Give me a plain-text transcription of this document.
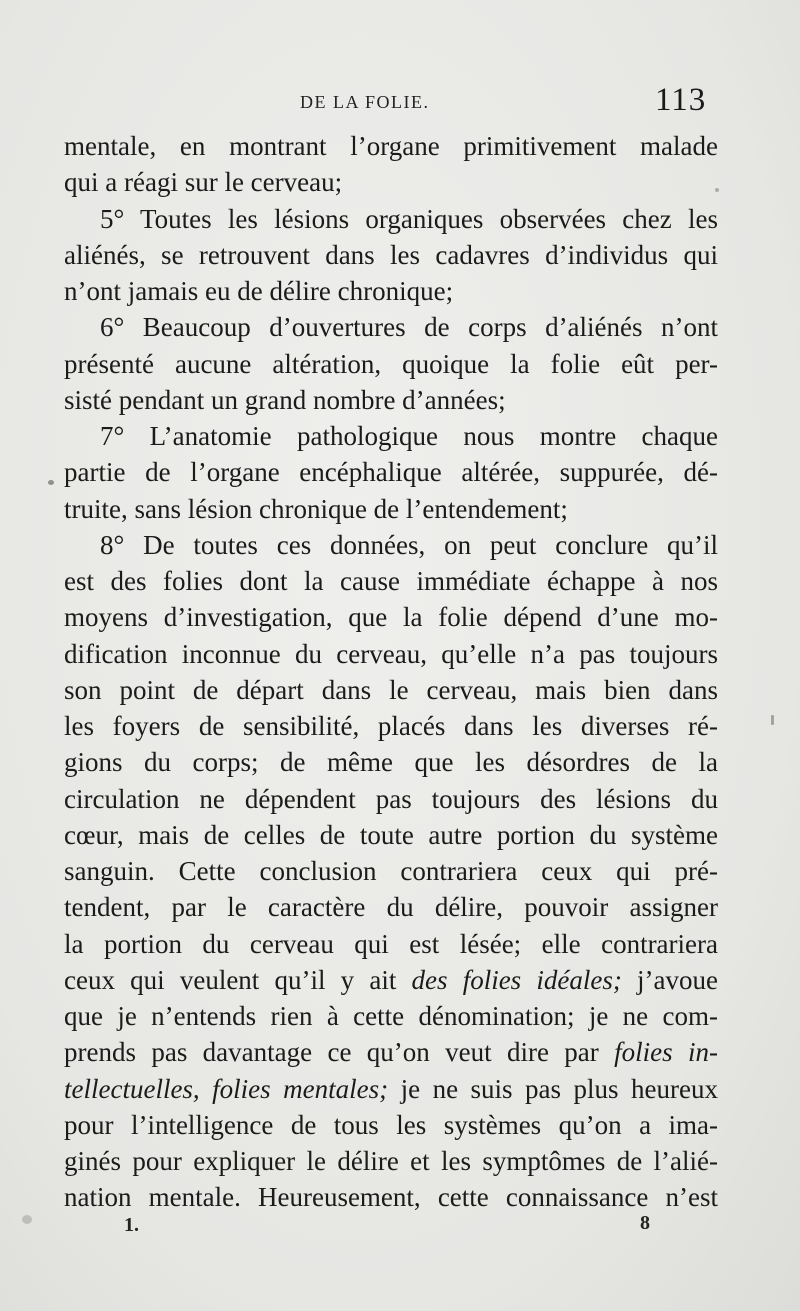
DE LA FOLIE.	113
mentale, en montrant l’organe primitivement malade
qui a réagi sur le cerveau;
5° Toutes les lésions organiques observées chez les
aliénés, se retrouvent dans les cadavres d’individus qui
n’ont jamais eu de délire chronique;
6° Beaucoup d’ouvertures de corps d’aliénés n’ont
présenté aucune altération, quoique la folie eût per-
sisté pendant un grand nombre d’années;
7° L’anatomie pathologique nous montre chaque
partie de l’organe encéphalique altérée, suppurée, dé-
truite, sans lésion chronique de l’entendement;
8° De toutes ces données, on peut conclure qu’il
est des folies dont la cause immédiate échappe à nos
moyens d’investigation, que la folie dépend d’une mo-
dification inconnue du cerveau, qu’elle n’a pas toujours
son point de départ dans le cerveau, mais bien dans
les foyers de sensibilité, placés dans les diverses ré-
gions du corps; de même que les désordres de la
circulation ne dépendent pas toujours des lésions du
cœur, mais de celles de toute autre portion du système
sanguin. Cette conclusion contrariera ceux qui pré-
tendent, par le caractère du délire, pouvoir assigner
la portion du cerveau qui est lésée; elle contrariera
ceux qui veulent qu’il y ait des folies idéales; j’avoue
que je n’entends rien à cette dénomination; je ne com-
prends pas davantage ce qu’on veut dire par folies in-
tellectuelles, folies mentales; je ne suis pas plus heureux
pour l’intelligence de tous les systèmes qu’on a ima-
ginés pour expliquer le délire et les symptômes de l’alié-
nation mentale. Heureusement, cette connaissance n’est
1.	8
